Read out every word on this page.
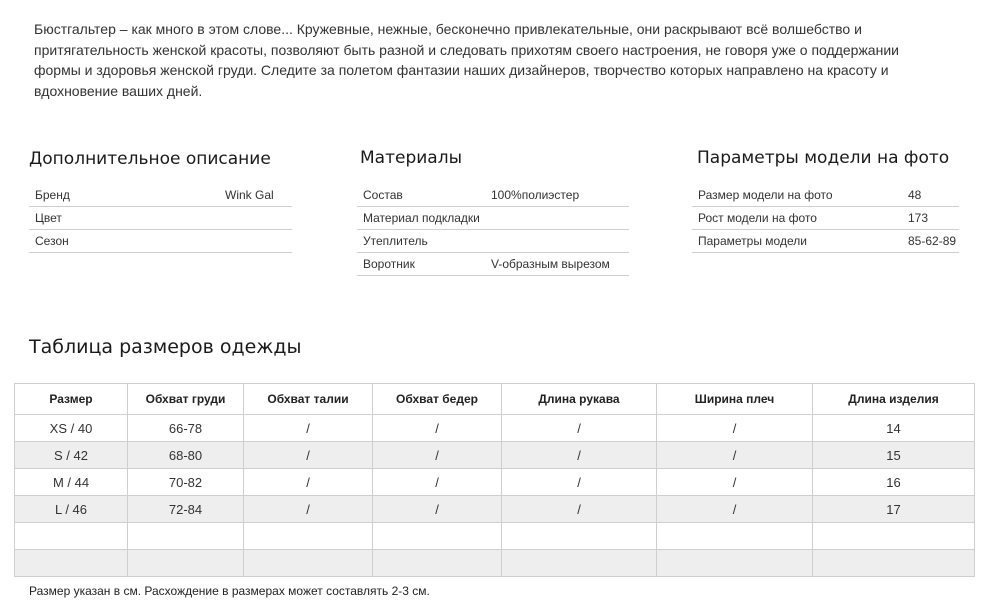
Бюстгальтер – как много в этом слове... Кружевные, нежные, бесконечно привлекательные, они раскрывают всё волшебство и притягательность женской красоты, позволяют быть разной и следовать прихотям своего настроения, не говоря уже о поддержании формы и здоровья женской груди. Следите за полетом фантазии наших дизайнеров, творчество которых направлено на красоту и вдохновение ваших дней.

Дополнительное описание
Бренд	Wink Gal
Цвет	
Сезон	
Материалы
Состав	100%полиэстер
Материал подкладки	
Утеплитель	
Воротник	V-образным вырезом
Параметры модели на фото
Размер модели на фото	48
Рост модели на фото	173
Параметры модели	85-62-89
Таблица размеров одежды
Размер	Обхват груди	Обхват талии	Обхват бедер	Длина рукава	Ширина плеч	Длина изделия
XS / 40	66-78	/	/	/	/	14
S / 42	68-80	/	/	/	/	15
M / 44	70-82	/	/	/	/	16
L / 46	72-84	/	/	/	/	17

Размер указан в см. Расхождение в размерах может составлять 2-3 см.
